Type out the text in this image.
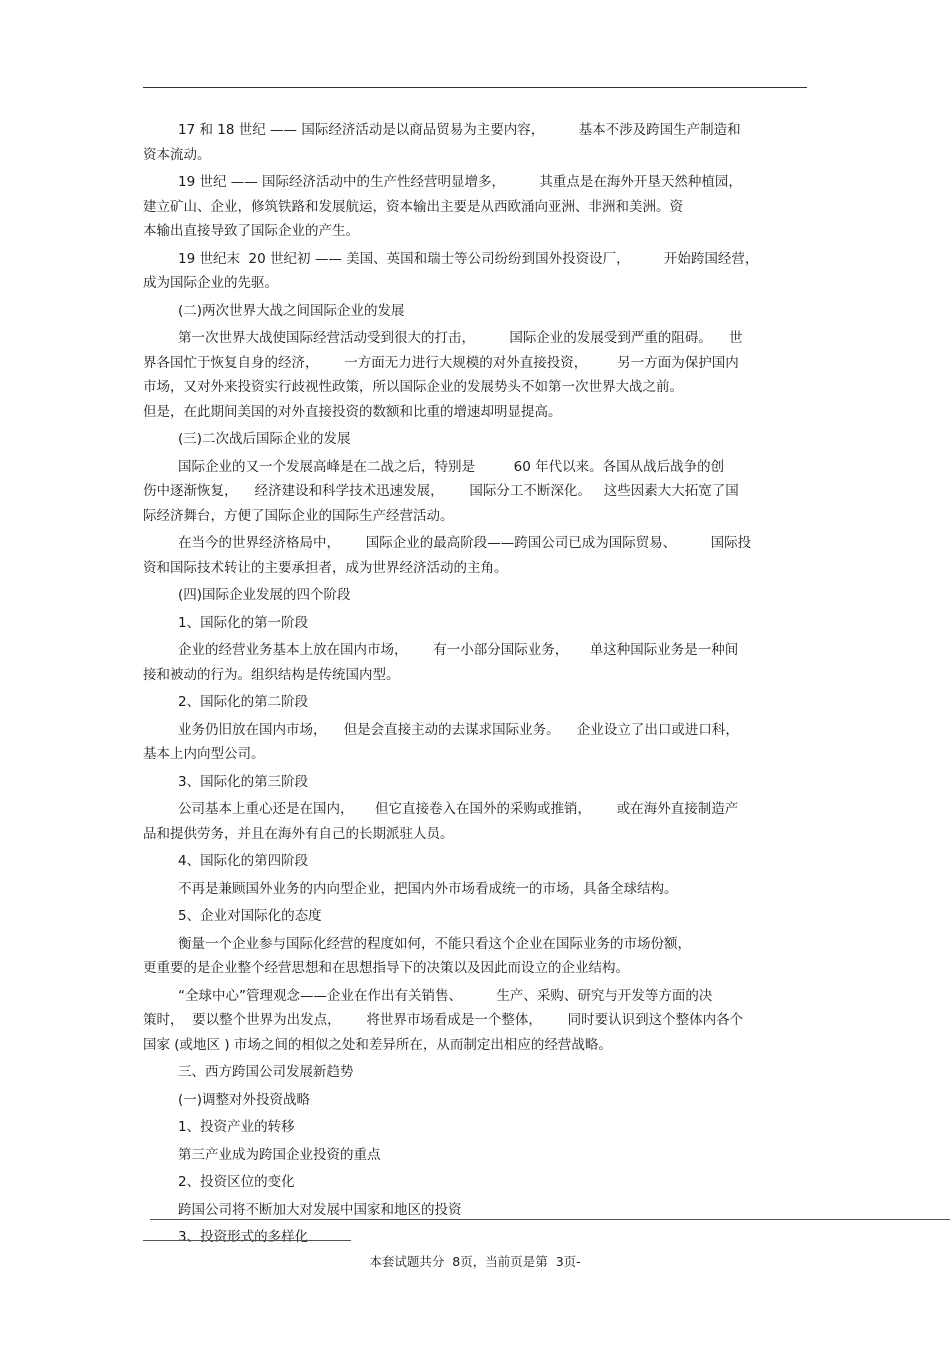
17 和 18 世纪 —— 国际经济活动是以商品贸易为主要内容，        基本不涉及跨国生产制造和
资本流动。
19 世纪 —— 国际经济活动中的生产性经营明显增多，        其重点是在海外开垦天然种植园，
建立矿山、企业，修筑铁路和发展航运，资本输出主要是从西欧涌向亚洲、非洲和美洲。资
本输出直接导致了国际企业的产生。
19 世纪末  20 世纪初 —— 美国、英国和瑞士等公司纷纷到国外投资设厂，        开始跨国经营，
成为国际企业的先驱。
(二)两次世界大战之间国际企业的发展
第一次世界大战使国际经营活动受到很大的打击，        国际企业的发展受到严重的阻碍。    世
界各国忙于恢复自身的经济，      一方面无力进行大规模的对外直接投资，       另一方面为保护国内
市场，又对外来投资实行歧视性政策，所以国际企业的发展势头不如第一次世界大战之前。
但是，在此期间美国的对外直接投资的数额和比重的增速却明显提高。
(三)二次战后国际企业的发展
国际企业的又一个发展高峰是在二战之后，特别是         60 年代以来。各国从战后战争的创
伤中逐渐恢复，    经济建设和科学技术迅速发展，      国际分工不断深化。   这些因素大大拓宽了国
际经济舞台，方便了国际企业的国际生产经营活动。
在当今的世界经济格局中，      国际企业的最高阶段——跨国公司已成为国际贸易、        国际投
资和国际技术转让的主要承担者，成为世界经济活动的主角。
(四)国际企业发展的四个阶段
1、国际化的第一阶段
企业的经营业务基本上放在国内市场，      有一小部分国际业务，     单这种国际业务是一种间
接和被动的行为。组织结构是传统国内型。
2、国际化的第二阶段
业务仍旧放在国内市场，    但是会直接主动的去谋求国际业务。    企业设立了出口或进口科，
基本上内向型公司。
3、国际化的第三阶段
公司基本上重心还是在国内，     但它直接卷入在国外的采购或推销，      或在海外直接制造产
品和提供劳务，并且在海外有自己的长期派驻人员。
4、国际化的第四阶段
不再是兼顾国外业务的内向型企业，把国内外市场看成统一的市场，具备全球结构。
5、企业对国际化的态度
衡量一个企业参与国际化经营的程度如何，不能只看这个企业在国际业务的市场份额，
更重要的是企业整个经营思想和在思想指导下的决策以及因此而设立的企业结构。
“全球中心”管理观念——企业在作出有关销售、        生产、采购、研究与开发等方面的决
策时，  要以整个世界为出发点，      将世界市场看成是一个整体，      同时要认识到这个整体内各个
国家 (或地区 ) 市场之间的相似之处和差异所在，从而制定出相应的经营战略。
三、西方跨国公司发展新趋势
(一)调整对外投资战略
1、投资产业的转移
第三产业成为跨国企业投资的重点
2、投资区位的变化
跨国公司将不断加大对发展中国家和地区的投资
3、投资形式的多样化
本套试题共分  8页，当前页是第  3页-
